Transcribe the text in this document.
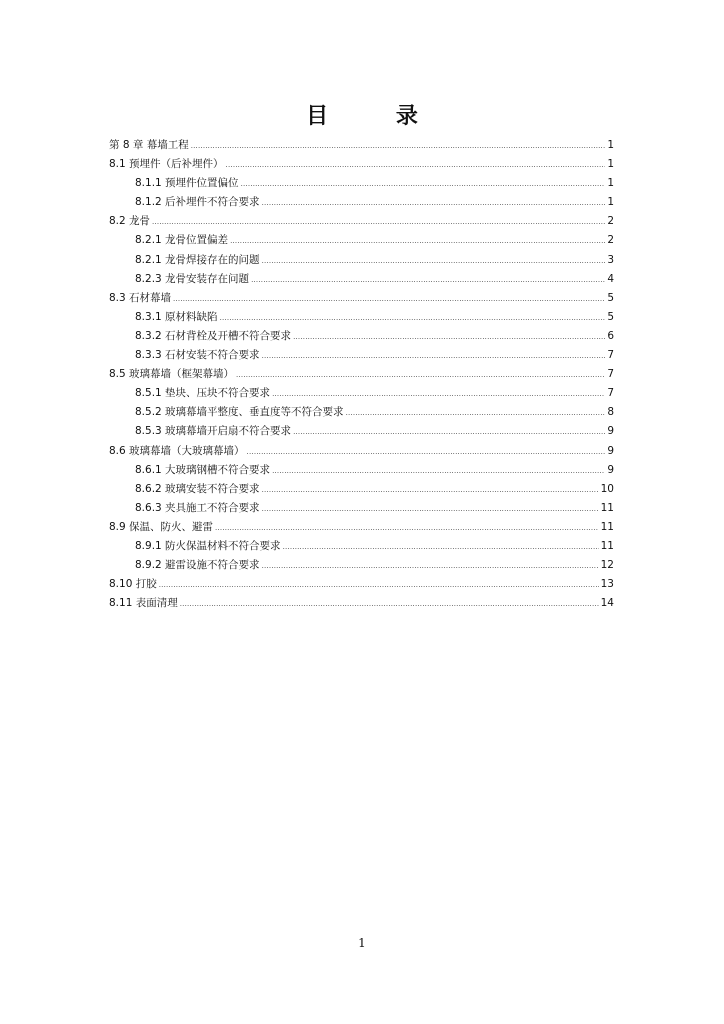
目 录
第 8 章 幕墙工程 .....	1
8.1 预埋件（后补埋件） .....	1
8.1.1 预埋件位置偏位 .....	1
8.1.2 后补埋件不符合要求 .....	1
8.2 龙骨 .....	2
8.2.1 龙骨位置偏差 .....	2
8.2.1 龙骨焊接存在的问题 .....	3
8.2.3 龙骨安装存在问题 .....	4
8.3 石材幕墙 .....	5
8.3.1 原材料缺陷 .....	5
8.3.2 石材背栓及开槽不符合要求 .....	6
8.3.3 石材安装不符合要求 .....	7
8.5 玻璃幕墙（框架幕墙） .....	7
8.5.1 垫块、压块不符合要求 .....	7
8.5.2 玻璃幕墙平整度、垂直度等不符合要求 .....	8
8.5.3 玻璃幕墙开启扇不符合要求 .....	9
8.6 玻璃幕墙（大玻璃幕墙） .....	9
8.6.1 大玻璃钢槽不符合要求 .....	9
8.6.2 玻璃安装不符合要求 .....	10
8.6.3 夹具施工不符合要求 .....	11
8.9 保温、防火、避雷 .....	11
8.9.1 防火保温材料不符合要求 .....	11
8.9.2 避雷设施不符合要求 .....	12
8.10 打胶 .....	13
8.11 表面清理 .....	14
1
